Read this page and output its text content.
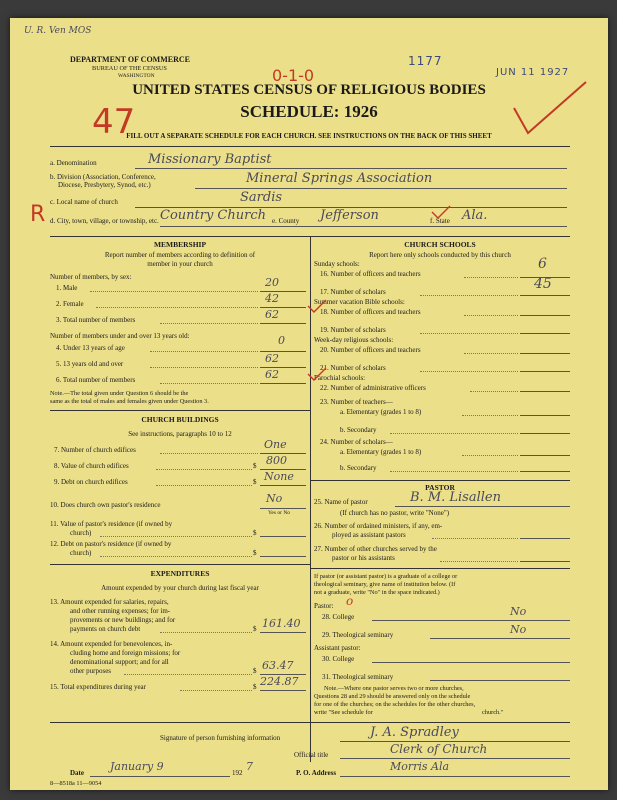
U. R. Ven MOS
DEPARTMENT OF COMMERCE
BUREAU OF THE CENSUS
WASHINGTON
1177
JUN 11 1927
0-1-0
47
R
UNITED STATES CENSUS OF RELIGIOUS BODIES
SCHEDULE: 1926
FILL OUT A SEPARATE SCHEDULE FOR EACH CHURCH. SEE INSTRUCTIONS ON THE BACK OF THIS SHEET
a. Denomination	Missionary Baptist
b. Division (Association, Conference,
Diocese, Presbytery, Synod, etc.)	Mineral Springs Association
c. Local name of church	Sardis
d. City, town, village, or township, etc. Country Church e. County Jefferson	f. State Ala.
MEMBERSHIP
Report number of members according to definition of
member in your church
Number of members, by sex:
1. Male	20
2. Female	42
3. Total number of members	62
Number of members under and over 13 years old:
4. Under 13 years of age
0
5. 13 years old and over	62
6. Total number of members	62
Note.—The total given under Question 6 should be the
same as the total of males and females given under Question 3.
CHURCH BUILDINGS
See instructions, paragraphs 10 to 12
7. Number of church edifices	One
8. Value of church edifices	$ 800
9. Debt on church edifices	$ None
10. Does church own pastor's residence	No
Yes or No
11. Value of pastor's residence (if owned by
church)	$
12. Debt on pastor's residence (if owned by
church)	$
EXPENDITURES
Amount expended by your church during last fiscal year
13. Amount expended for salaries, repairs,
and other running expenses; for im-
provements or new buildings; and for
payments on church debt	$ 161.40
14. Amount expended for benevolences, in-
cluding home and foreign missions; for
denominational support; and for all
other purposes	$ 63.47
15. Total expenditures during year	$ 224.87
CHURCH SCHOOLS
Report here only schools conducted by this church
Sunday schools:
16. Number of officers and teachers
6
17. Number of scholars	45
Summer vacation Bible schools:
18. Number of officers and teachers
19. Number of scholars
Week-day religious schools:
20. Number of officers and teachers
21. Number of scholars
Parochial schools:
22. Number of administrative officers
23. Number of teachers—
a. Elementary (grades 1 to 8)
b. Secondary
24. Number of scholars—
a. Elementary (grades 1 to 8)
b. Secondary
PASTOR
25. Name of pastor	B. M. Lisallen
(If church has no pastor, write "None")
26. Number of ordained ministers, if any, em-
ployed as assistant pastors
27. Number of other churches served by the
pastor or his assistants
If pastor (or assistant pastor) is a graduate of a college or
theological seminary, give name of institution below. (If
not a graduate, write "No" in the space indicated.)
Pastor: o
28. College	No
29. Theological seminary	No
Assistant pastor:
30. College
31. Theological seminary
Note.—Where one pastor serves two or more churches,
Questions 28 and 29 should be answered only on the schedule
for one of the churches; on the schedules for the other churches,
write "See schedule for	church."
Signature of person furnishing information	J. A. Spradley
Official title	Clerk of Church
Date January 9	192 7	P. O. Address	Morris Ala
8—8518a 11—9054
